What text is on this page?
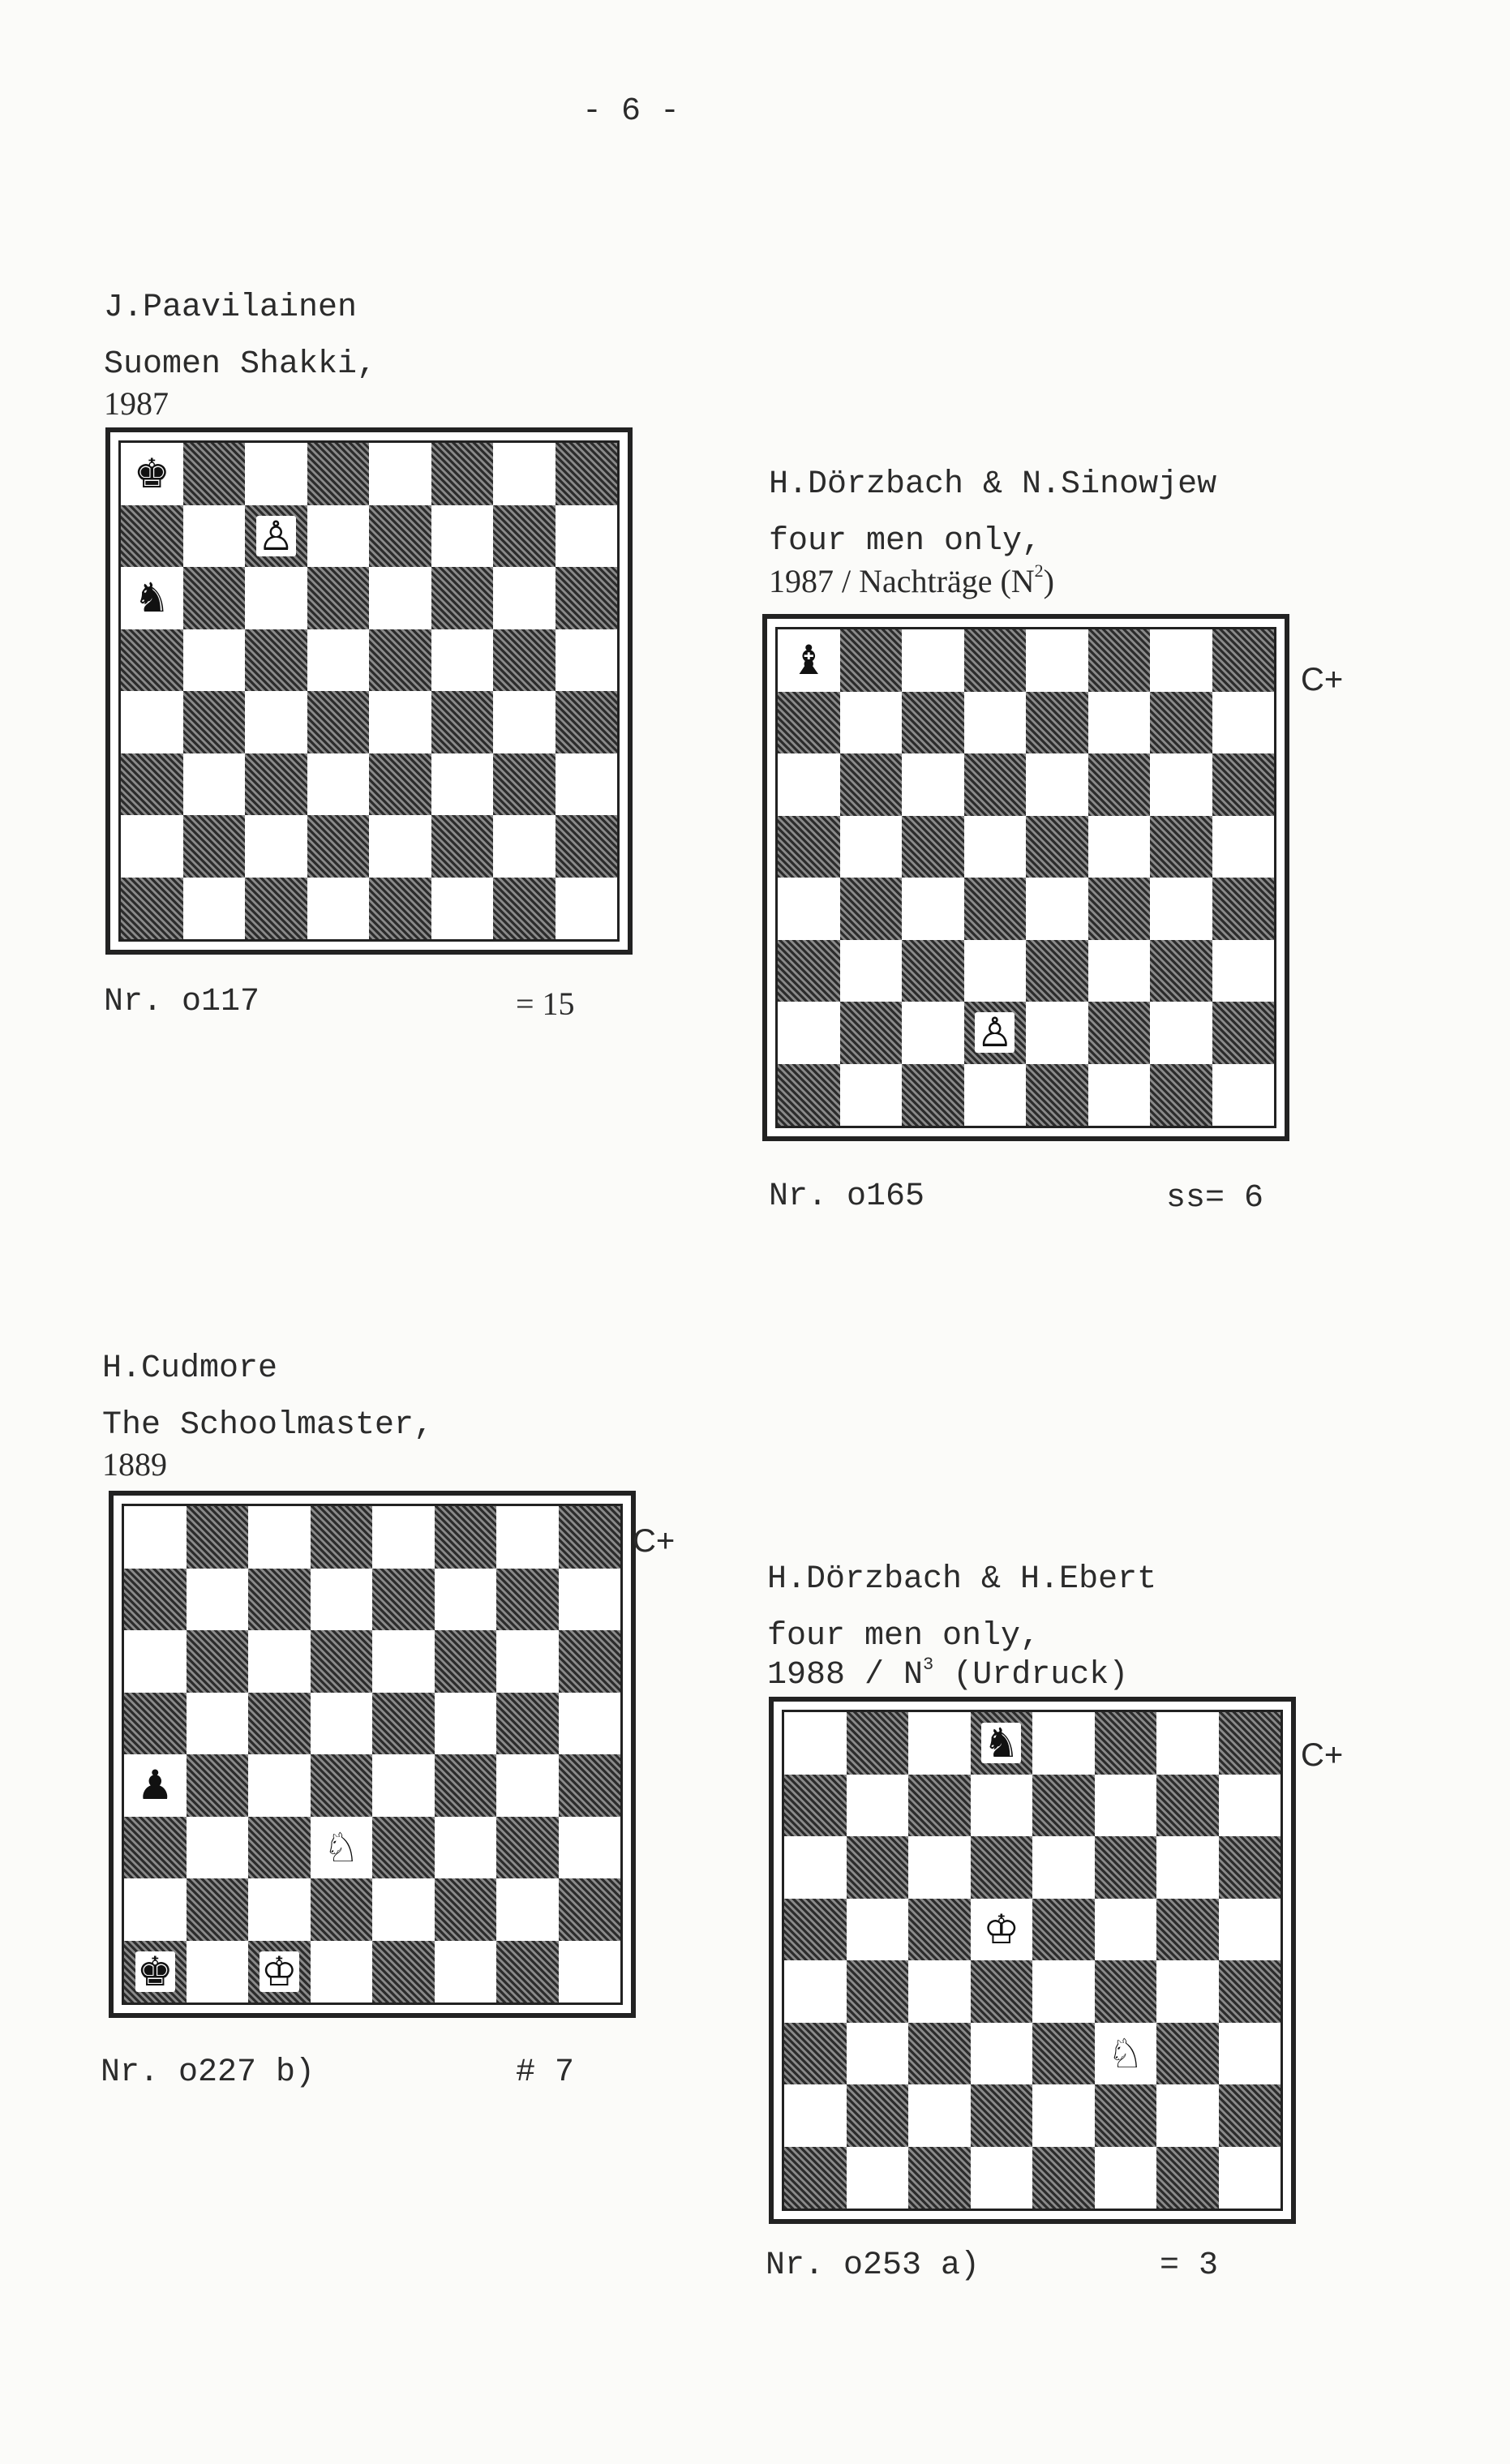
- 6 -
J.Paavilainen
Suomen Shakki,
1987
♚
♙
♞
Nr. o117	= 15
H.Dörzbach & N.Sinowjew
four men only,
1987 / Nachträge $(N^2)$
♝
♙
C+
Nr. o165	ss= 6
H.Cudmore
The Schoolmaster,
1889
♟
♘
♚ ♔
C+
Nr. o227 b)	# 7
H.Dörzbach & H.Ebert
four men only,
$1988 / N^3$ (Urdruck)
♞
♔
♘
C+
Nr. o253 a)	= 3
